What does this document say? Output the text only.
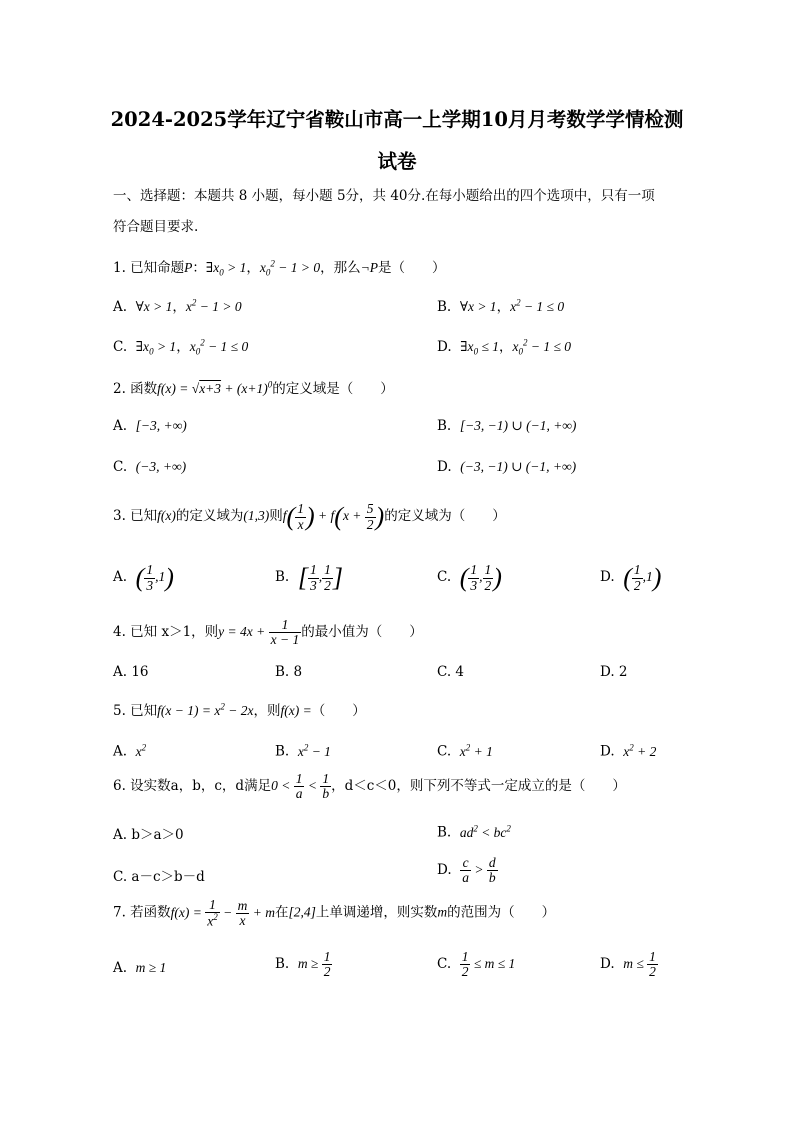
2024-2025学年辽宁省鞍山市高一上学期10月月考数学学情检测
试卷
一、选择题：本题共 8 小题，每小题 5分，共 40分.在每小题给出的四个选项中，只有一项
符合题目要求.
1. 已知命题P：$\exists x_0 > 1$，$x_0^2 - 1 > 0$，那么¬P是（　　）
A. ∀x > 1，$x^2 - 1 > 0$	B. ∀x > 1，$x^2 - 1 \le 0$
C. $\exists x_0 > 1$，$x_0^2 - 1 \le 0$	D. $\exists x_0 \le 1$，$x_0^2 - 1 \le 0$
2. 函数$f(x) = √x+3 + (x+1)^0$的定义域是（　　）
A. [−3, +∞)	B. [−3, −1) ∪ (−1, +∞)
C. (−3, +∞)	D. (−3, −1) ∪ (−1, +∞)
3. 已知f(x)的定义域为(1,3)则$f( \frac{1}{x}$ ) + $f(x + \frac{5}{2}$ )的定义域为（　　）
A. ( $\frac{1}{3} ,1$)	B. [ $\frac{1}{3}$ , $\frac{1}{2}$ ]	C. ( $\frac{1}{3}$ , $\frac{1}{2}$ )	D. ( $\frac{1}{2} ,1$)
4. 已知 x＞1，则$y = 4x + \frac{1}{x - 1}$ 的最小值为（　　）
A. 16	B. 8	C. 4	D. 2
5. 已知$f(x - 1) = x^2 - 2x$，则f(x) =（　　）
A. $x^2$	B. $x^2 - 1$	C. $x^2 + 1$	D. $x^2 + 2$
6. 设实数a，b，c，d满足$0 < \frac{1}{a} < \frac{1}{b}$ ，d＜c＜0，则下列不等式一定成立的是（　　）
A. b＞a＞0	B. $ad^2 < bc^2$
C. a－c＞b－d	D. $\frac{c}{a} > \frac{d}{b}$
7. 若函数$f(x) = \frac{1}{x^2} - \frac{m}{x} + m$在[2,4]上单调递增，则实数m的范围为（　　）
A. m ≥ 1	B. $m \ge \frac{1}{2}$	C. $\frac{1}{2} \le m \le 1$	D. $m \le \frac{1}{2}$
